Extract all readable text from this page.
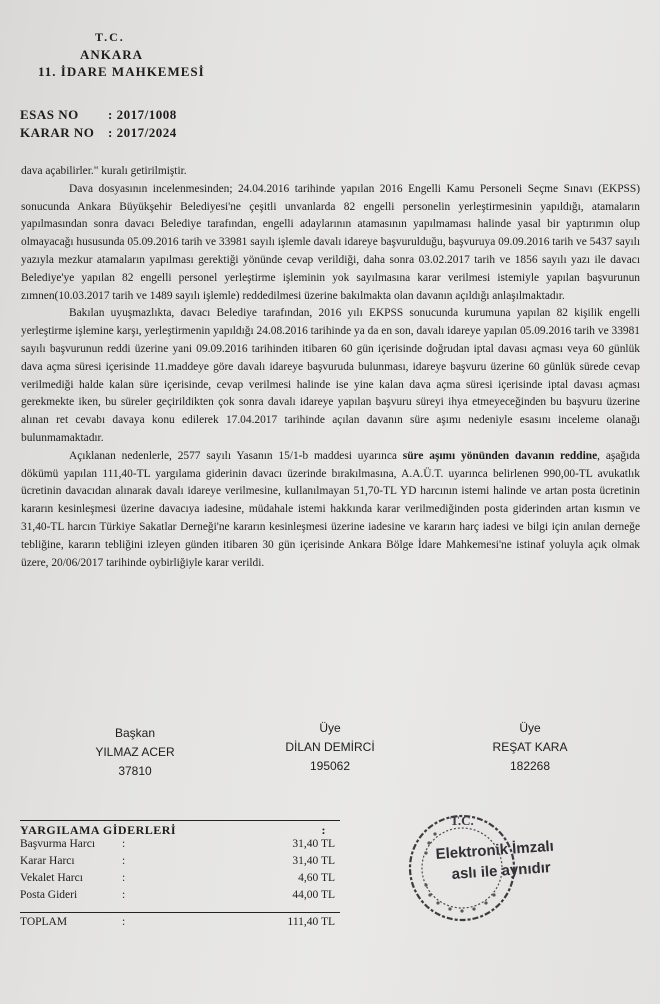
T.C.
ANKARA
11. İDARE MAHKEMESİ
ESAS NO : 2017/1008
KARAR NO : 2017/2024

dava açabilirler." kuralı getirilmiştir.

Dava dosyasının incelenmesinden; 24.04.2016 tarihinde yapılan 2016 Engelli Kamu Personeli Seçme Sınavı (EKPSS) sonucunda Ankara Büyükşehir Belediyesi'ne çeşitli unvanlarda 82 engelli personelin yerleştirmesinin yapıldığı, atamaların yapılmasından sonra davacı Belediye tarafından, engelli adaylarının atamasının yapılmaması halinde yasal bir yaptırımın olup olmayacağı hususunda 05.09.2016 tarih ve 33981 sayılı işlemle davalı idareye başvurulduğu, başvuruya 09.09.2016 tarih ve 5437 sayılı yazıyla mezkur atamaların yapılması gerektiği yönünde cevap verildiği, daha sonra 03.02.2017 tarih ve 1856 sayılı yazı ile davacı Belediye'ye yapılan 82 engelli personel yerleştirme işleminin yok sayılmasına karar verilmesi istemiyle yapılan başvurunun zımnen(10.03.2017 tarih ve 1489 sayılı işlemle) reddedilmesi üzerine bakılmakta olan davanın açıldığı anlaşılmaktadır.

Bakılan uyuşmazlıkta, davacı Belediye tarafından, 2016 yılı EKPSS sonucunda kurumuna yapılan 82 kişilik engelli yerleştirme işlemine karşı, yerleştirmenin yapıldığı 24.08.2016 tarihinde ya da en son, davalı idareye yapılan 05.09.2016 tarih ve 33981 sayılı başvurunun reddi üzerine yani 09.09.2016 tarihinden itibaren 60 gün içerisinde doğrudan iptal davası açması veya 60 günlük dava açma süresi içerisinde 11.maddeye göre davalı idareye başvuruda bulunması, idareye başvuru üzerine 60 günlük sürede cevap verilmediği halde kalan süre içerisinde, cevap verilmesi halinde ise yine kalan dava açma süresi içerisinde iptal davası açması gerekmekte iken, bu süreler geçirildikten çok sonra davalı idareye yapılan başvuru süreyi ihya etmeyeceğinden bu başvuru üzerine alınan ret cevabı davaya konu edilerek 17.04.2017 tarihinde açılan davanın süre aşımı nedeniyle esasını inceleme olanağı bulunmamaktadır.

Açıklanan nedenlerle, 2577 sayılı Yasanın 15/1-b maddesi uyarınca süre aşımı yönünden davanın reddine, aşağıda dökümü yapılan 111,40-TL yargılama giderinin davacı üzerinde bırakılmasına, A.A.Ü.T. uyarınca belirlenen 990,00-TL avukatlık ücretinin davacıdan alınarak davalı idareye verilmesine, kullanılmayan 51,70-TL YD harcının istemi halinde ve artan posta ücretinin kararın kesinleşmesi üzerine davacıya iadesine, müdahale istemi hakkında karar verilmediğinden posta giderinden artan kısmın ve 31,40-TL harcın Türkiye Sakatlar Derneği'ne kararın kesinleşmesi üzerine iadesine ve kararın harç iadesi ve bilgi için anılan derneğe tebliğine, kararın tebliğini izleyen günden itibaren 30 gün içerisinde Ankara Bölge İdare Mahkemesi'ne istinaf yoluyla açık olmak üzere, 20/06/2017 tarihinde oybirliğiyle karar verildi.

Başkan
YILMAZ ACER
37810
Üye
DİLAN DEMİRCİ
195062
Üye
REŞAT KARA
182268
YARGILAMA GİDERLERİ	:
Başvurma Harcı :	31,40 TL
Karar Harcı	:	31,40 TL
Vekalet Harcı	:	4,60 TL
Posta Gideri	:	44,00 TL
TOPLAM	:	111,40 TL
T.C.
Elektronik İmzalı
aslı ile aynıdır
